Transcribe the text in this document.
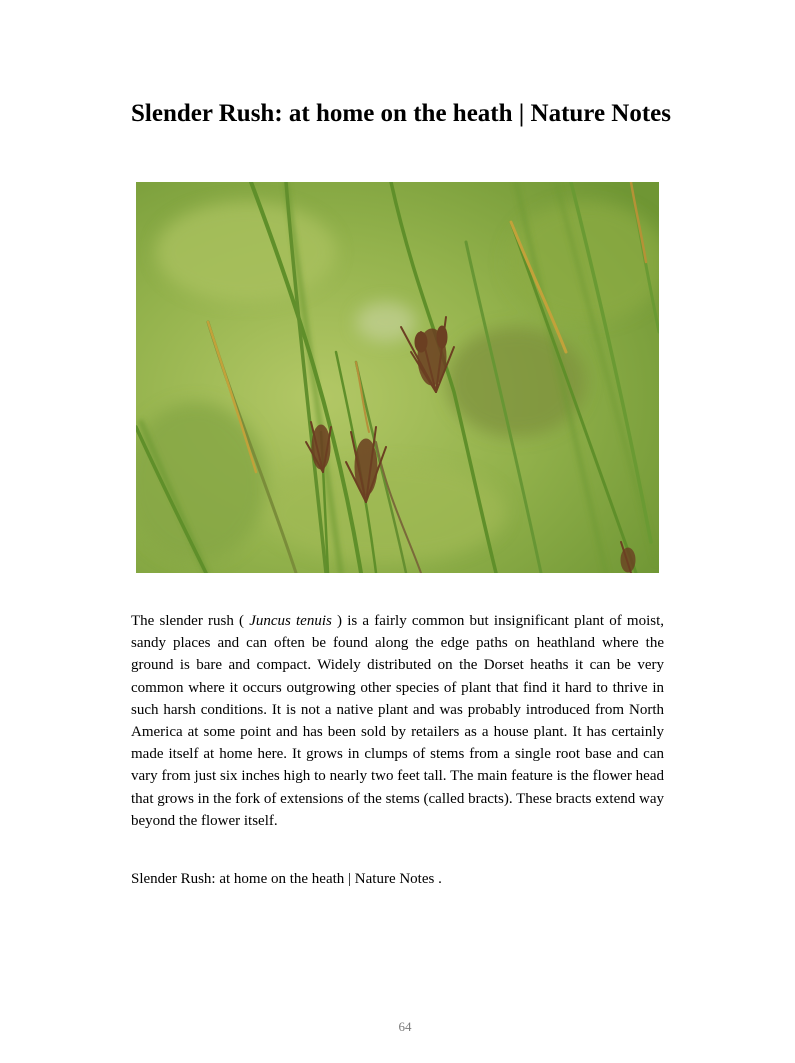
Slender Rush: at home on the heath | Nature Notes

The slender rush ( Juncus tenuis ) is a fairly common but insignificant plant of moist, sandy places and can often be found along the edge paths on heathland where the ground is bare and compact. Widely distributed on the Dorset heaths it can be very common where it occurs outgrowing other species of plant that find it hard to thrive in such harsh conditions. It is not a native plant and was probably introduced from North America at some point and has been sold by retailers as a house plant. It has certainly made itself at home here. It grows in clumps of stems from a single root base and can vary from just six inches high to nearly two feet tall. The main feature is the flower head that grows in the fork of extensions of the stems (called bracts). These bracts extend way beyond the flower itself.

Slender Rush: at home on the heath | Nature Notes .

64
